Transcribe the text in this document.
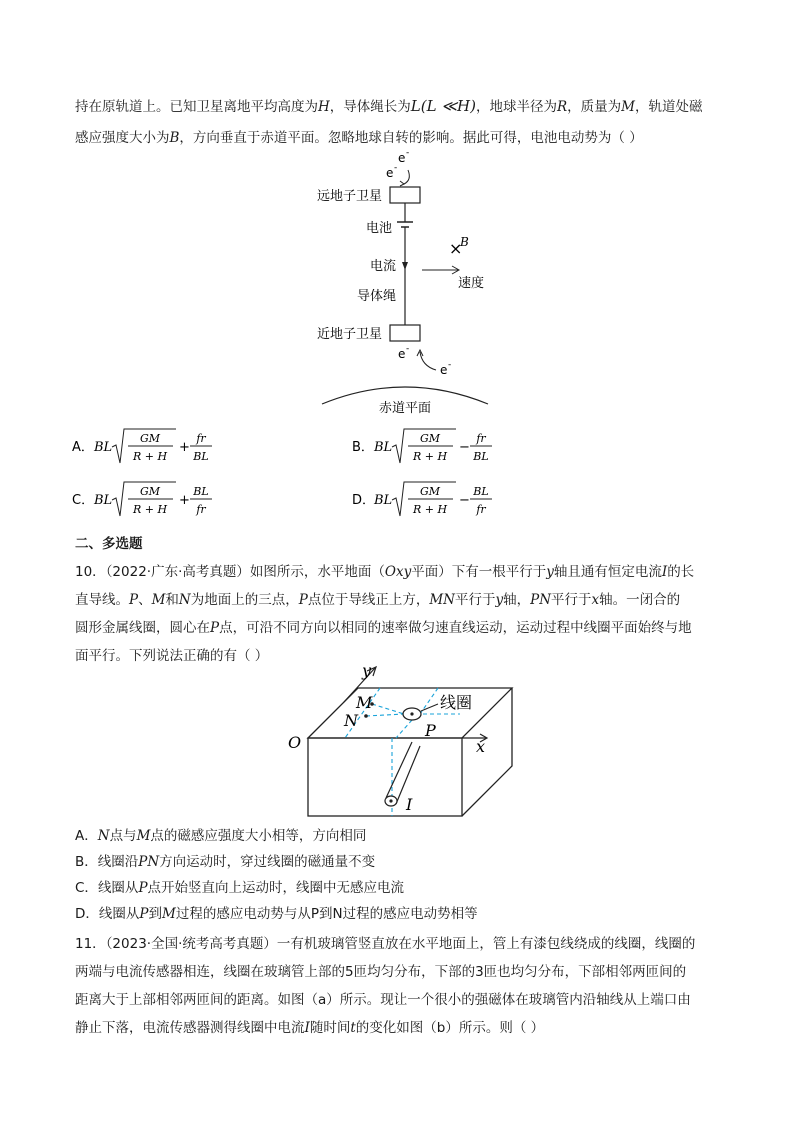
持在原轨道上。已知卫星离地平均高度为H，导体绳长为L(L ≪H)，地球半径为R，质量为M，轨道处磁
感应强度大小为B，方向垂直于赤道平面。忽略地球自转的影响。据此可得，电池电动势为（ ）
e -
e -
远地子卫星
电池
电流
导体绳
×
B
速度
近地子卫星
e -
e -
赤道平面
A． BL
GM
R + H
+
fr
BL
B． BL
GM
R + H
−
fr
BL
C． BL
GM
R + H
+
BL
fr
D．
BL
GM
R + H
−
BL
fr
二、多选题
10．（2022·广东·高考真题）如图所示，水平地面（Oxy平面）下有一根平行于y轴且通有恒定电流I的长
直导线。P、M和N为地面上的三点，P点位于导线正上方，MN平行于y轴，PN平行于x轴。一闭合的
圆形金属线圈，圆心在P点，可沿不同方向以相同的速率做匀速直线运动，运动过程中线圈平面始终与地
面平行。下列说法正确的有（ ）
y
x
O
M
N
线圈
P
I
A．N点与M点的磁感应强度大小相等，方向相同
B．线圈沿PN方向运动时，穿过线圈的磁通量不变
C．线圈从P点开始竖直向上运动时，线圈中无感应电流
D．线圈从P到M过程的感应电动势与从P到N过程的感应电动势相等
11．（2023·全国·统考高考真题）一有机玻璃管竖直放在水平地面上，管上有漆包线绕成的线圈，线圈的
两端与电流传感器相连，线圈在玻璃管上部的5匝均匀分布，下部的3匝也均匀分布，下部相邻两匝间的
距离大于上部相邻两匝间的距离。如图（a）所示。现让一个很小的强磁体在玻璃管内沿轴线从上端口由
静止下落，电流传感器测得线圈中电流I随时间t的变化如图（b）所示。则（ ）
